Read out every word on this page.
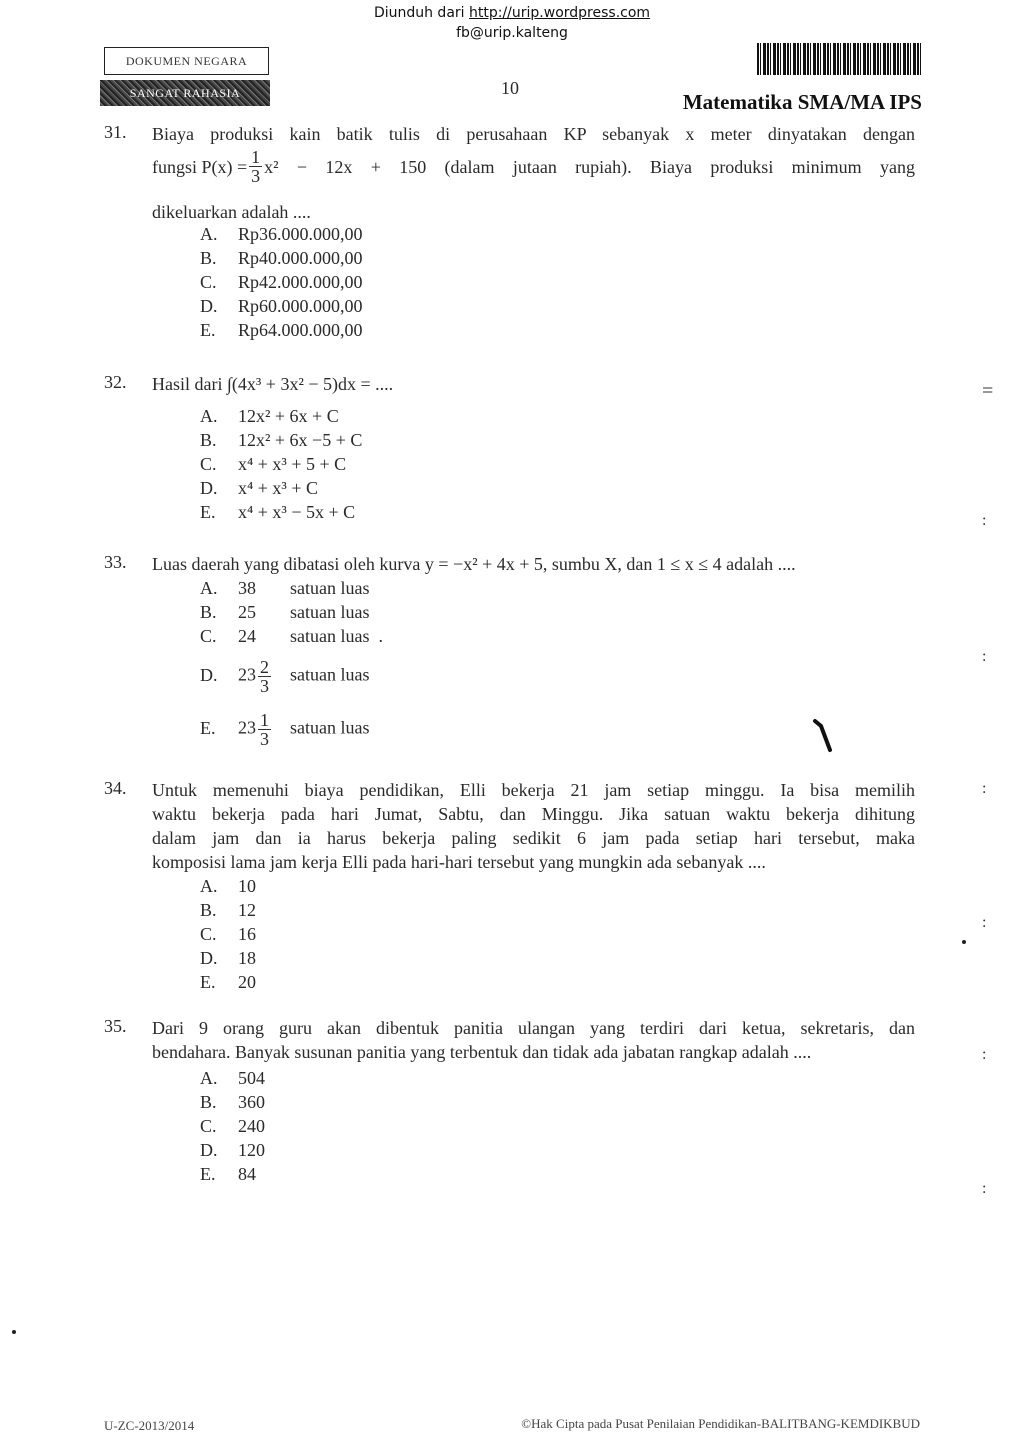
Diunduh dari http://urip.wordpress.com
fb@urip.kalteng
DOKUMEN NEGARA
SANGAT RAHASIA	10
Matematika SMA/MA IPS
31. Biaya produksi kain batik tulis di perusahaan KP sebanyak x meter dinyatakan dengan
fungsi $P(x) = \frac{1}{3} x^2 - 12x + 150$ (dalam jutaan rupiah). Biaya produksi minimum yang
dikeluarkan adalah ....
A. Rp36.000.000,00
B. Rp40.000.000,00
C. Rp42.000.000,00
D. Rp60.000.000,00
E. Rp64.000.000,00
32. Hasil dari ∫(4x³ + 3x² − 5)dx = ....
A. 12x² + 6x + C
B. 12x² + 6x −5 + C
C. x⁴ + x³ + 5 + C
D. x⁴ + x³ + C
E. x⁴ + x³ − 5x + C
33. Luas daerah yang dibatasi oleh kurva y = −x² + 4x + 5, sumbu X, dan 1 ≤ x ≤ 4 adalah ....
A. 38 satuan luas
B. 25 satuan luas
C. 24 satuan luas  .
D. $23 \frac{2}{3}$ satuan luas
E. $23 \frac{1}{3}$ satuan luas
34. Untuk memenuhi biaya pendidikan, Elli bekerja 21 jam setiap minggu. Ia bisa memilih
waktu bekerja pada hari Jumat, Sabtu, dan Minggu. Jika satuan waktu bekerja dihitung
dalam jam dan ia harus bekerja paling sedikit 6 jam pada setiap hari tersebut, maka
komposisi lama jam kerja Elli pada hari-hari tersebut yang mungkin ada sebanyak ....
A. 10
B. 12
C. 16
D. 18
E. 20
35. Dari 9 orang guru akan dibentuk panitia ulangan yang terdiri dari ketua, sekretaris, dan
bendahara. Banyak susunan panitia yang terbentuk dan tidak ada jabatan rangkap adalah ....
A. 504
B. 360
C. 240
D. 120
E. 84
=
:
:
:
:
:
:
U-ZC-2013/2014	©Hak Cipta pada Pusat Penilaian Pendidikan-BALITBANG-KEMDIKBUD
